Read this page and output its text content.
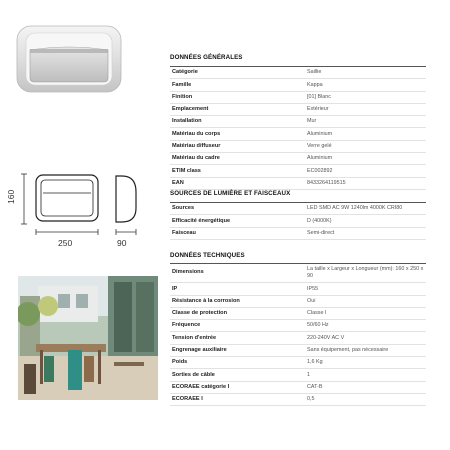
160
250	90
DONNÉES GÉNÉRALES
Catégorie	Saillie
Famille	Kappa
Finition	[01] Blanc
Emplacement	Extérieur
Installation	Mur
Matériau du corps	Aluminium
Matériau diffuseur	Verre gelé
Matériau du cadre	Aluminium
ETIM class	EC002892
EAN	8433264119515
SOURCES DE LUMIÈRE ET FAISCEAUX
Sources	LED SMD AC 9W 1240lm 4000K CRI80
Efficacité énergétique	D (4000K)
Faisceau	Semi-direct
DONNÉES TECHNIQUES
Dimensions	La taille x Largeur x Longueur (mm): 160 x 250 x 90
IP	IP55
Résistance à la corrosion	Oui
Classe de protection	Classe I
Fréquence	50/60 Hz
Tension d'entrée	220-240V AC V
Engrenage auxiliaire	Sans équipement, pas nécessaire
Poids	1,6 Kg
Sorties de câble	1
ECORAEE catégorie I	CAT-B
ECORAEE I	0,5
